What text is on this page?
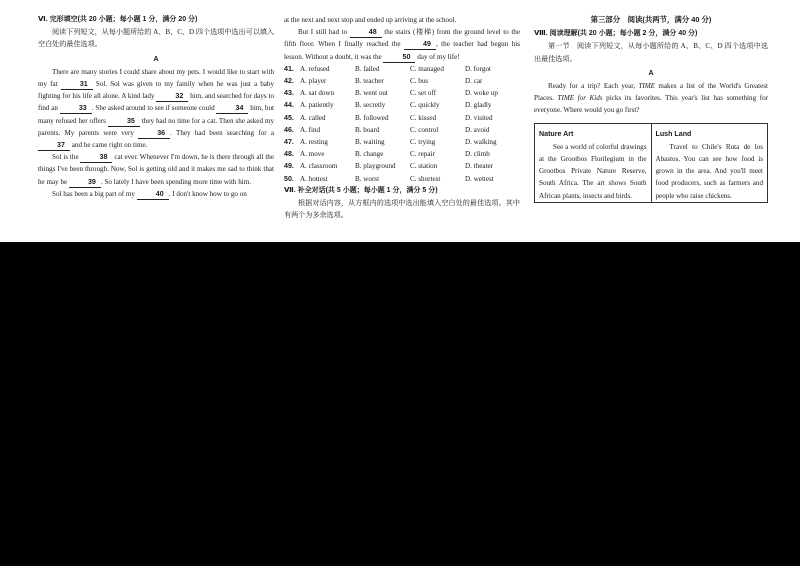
Ⅵ. 完形填空(共 20 小题；每小题 1 分，满分 20 分)

阅读下列短文，从每小题所给的 A、B、C、D 四个选项中选出可以填入空白处的最佳选项。

A

There are many stories I could share about my pets. I would like to start with my fat	31 Sol. Sol was given to my family when he was just a baby fighting for his life all alone. A kind lady	32 him, and searched for days to find an	33 . She asked around to see if someone could	34 him, but many refused her offers	35 they had no time for a cat. Then she asked my parents. My parents were very	36 . They had been searching for a 37 and he came right on time.

Sol is the	38 cat ever. Whenever I'm down, he is there through all the things I've been through. Now, Sol is getting old and it makes me sad to think that he may be	39 . So lately I have been spending more time with him.

Sol has been a big part of my	40 . I don't know how to go on

at the next and next stop and ended up arriving at the school.

But I still had to	48 the stairs (楼梯) from the ground level to the fifth floor. When I finally reached the	49 , the teacher had begun his lesson. Without a doubt, it was the	50 day of my life!

41. A. refused	B. failed	C. managed	D. forgot
42. A. player	B. teacher	C. bus	D. car
43. A. sat down	B. went out	C. set off	D. woke up
44. A. patiently	B. secretly	C. quickly	D. gladly
45. A. called	B. followed	C. kissed	D. visited
46. A. find	B. board	C. control	D. avoid
47. A. resting	B. waiting	C. trying	D. walking
48. A. move	B. change	C. repair	D. climb
49. A. classroom	B. playground	C. station	D. theater
50. A. hottest	B. worst	C. shortest	D. wettest
Ⅶ. 补全对话(共 5 小题；每小题 1 分，满分 5 分)

根据对话内容，从方框内的选项中选出能填入空白处的最佳选项。其中有两个为多余选项。

第三部分　阅读(共两节，满分 40 分)
Ⅷ. 阅读理解(共 20 小题；每小题 2 分，满分 40 分)

第一节　阅读下列短文，从每小题所给的 A、B、C、D 四个选项中选出最佳选项。

A

Ready for a trip? Each year, TIME makes a list of the World's Greatest Places. TIME for Kids picks its favorites. This year's list has something for everyone. Where would you go first?

Nature Art

See a world of colorful drawings at the Grootbos Florilegium in the Grootbos Private Nature Reserve, South Africa. The art shows South African plants, insects and birds.

Lush Land

Travel to Chile's Ruta de los Abastos. You can see how food is grown in the area. And you'll meet food producers, such as farmers and people who raise chickens.
